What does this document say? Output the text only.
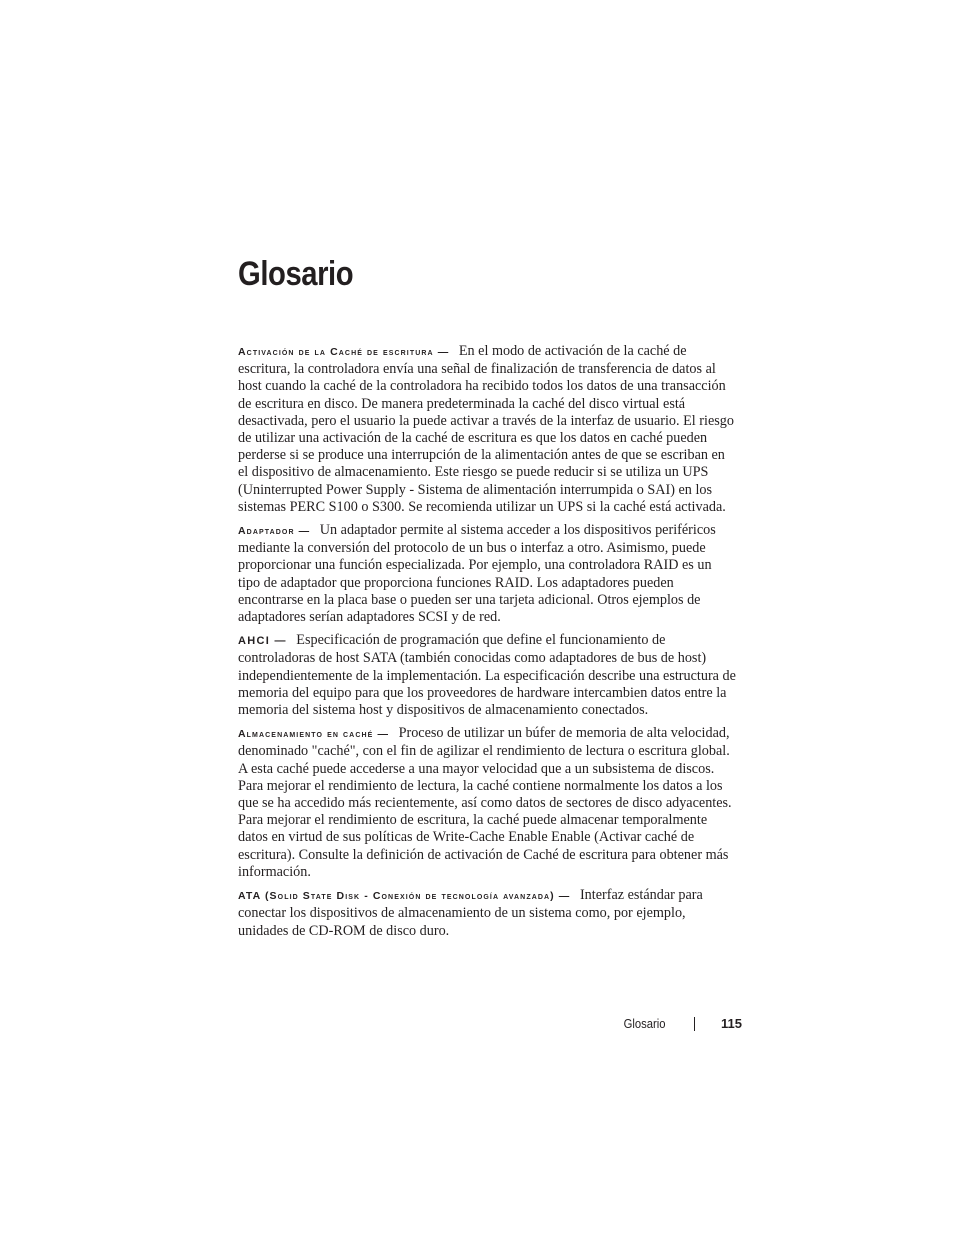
Glosario

Activación de la Caché de escritura — En el modo de activación de la caché de escritura, la controladora envía una señal de finalización de transferencia de datos al host cuando la caché de la controladora ha recibido todos los datos de una transacción de escritura en disco. De manera predeterminada la caché del disco virtual está desactivada, pero el usuario la puede activar a través de la interfaz de usuario. El riesgo de utilizar una activación de la caché de escritura es que los datos en caché pueden perderse si se produce una interrupción de la alimentación antes de que se escriban en el dispositivo de almacenamiento. Este riesgo se puede reducir si se utiliza un UPS (Uninterrupted Power Supply - Sistema de alimentación interrumpida o SAI) en los sistemas PERC S100 o S300. Se recomienda utilizar un UPS si la caché está activada.

Adaptador — Un adaptador permite al sistema acceder a los dispositivos periféricos mediante la conversión del protocolo de un bus o interfaz a otro. Asimismo, puede proporcionar una función especializada. Por ejemplo, una controladora RAID es un tipo de adaptador que proporciona funciones RAID. Los adaptadores pueden encontrarse en la placa base o pueden ser una tarjeta adicional. Otros ejemplos de adaptadores serían adaptadores SCSI y de red.

AHCI — Especificación de programación que define el funcionamiento de controladoras de host SATA (también conocidas como adaptadores de bus de host) independientemente de la implementación. La especificación describe una estructura de memoria del equipo para que los proveedores de hardware intercambien datos entre la memoria del sistema host y dispositivos de almacenamiento conectados.

Almacenamiento en caché — Proceso de utilizar un búfer de memoria de alta velocidad, denominado "caché", con el fin de agilizar el rendimiento de lectura o escritura global. A esta caché puede accederse a una mayor velocidad que a un subsistema de discos. Para mejorar el rendimiento de lectura, la caché contiene normalmente los datos a los que se ha accedido más recientemente, así como datos de sectores de disco adyacentes. Para mejorar el rendimiento de escritura, la caché puede almacenar temporalmente datos en virtud de sus políticas de Write-Cache Enable Enable (Activar caché de escritura). Consulte la definición de activación de Caché de escritura para obtener más información.

ATA (Solid State Disk - Conexión de tecnología avanzada) — Interfaz estándar para conectar los dispositivos de almacenamiento de un sistema como, por ejemplo, unidades de CD-ROM de disco duro.

Glosario	115
